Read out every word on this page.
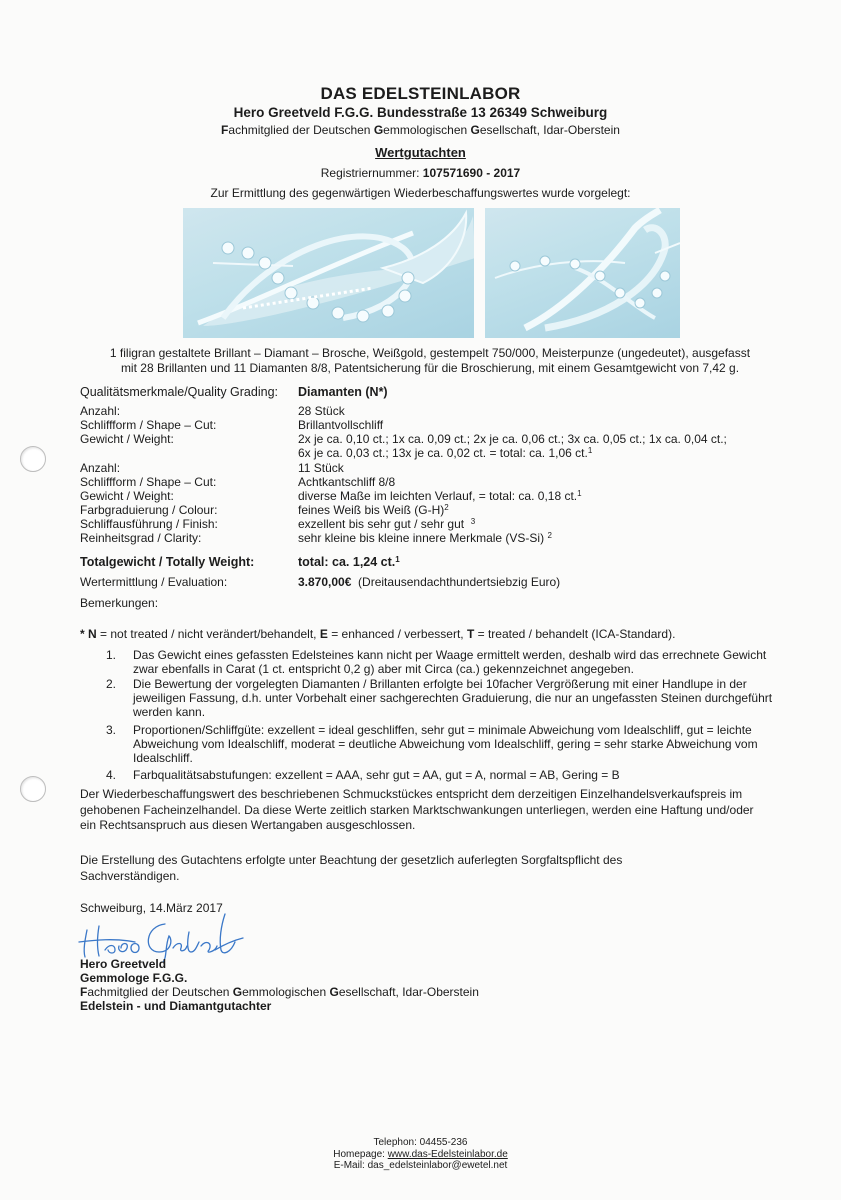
DAS EDELSTEINLABOR
Hero Greetveld F.G.G. Bundesstraße 13 26349 Schweiburg
Fachmitglied der Deutschen Gemmologischen Gesellschaft, Idar-Oberstein
Wertgutachten
Registriernummer: 107571690 - 2017
Zur Ermittlung des gegenwärtigen Wiederbeschaffungswertes wurde vorgelegt:
1 filigran gestaltete Brillant – Diamant – Brosche, Weißgold, gestempelt 750/000, Meisterpunze (ungedeutet), ausgefasst
mit 28 Brillanten und 11 Diamanten 8/8, Patentsicherung für die Broschierung, mit einem Gesamtgewicht von 7,42 g.
Qualitätsmerkmale/Quality Grading: Diamanten (N*)
Anzahl:	28 Stück
Schliffform / Shape – Cut:	Brillantvollschliff
Gewicht / Weight:	2x je ca. 0,10 ct.; 1x ca. 0,09 ct.; 2x je ca. 0,06 ct.; 3x ca. 0,05 ct.; 1x ca. 0,04 ct.;
6x je ca. 0,03 ct.; 13x je ca. 0,02 ct. = total: ca. 1,06 ct.$^1$
Anzahl:	11 Stück
Schliffform / Shape – Cut:	Achtkantschliff 8/8
Gewicht / Weight:	diverse Maße im leichten Verlauf, = total: ca. 0,18 ct.$^1$
Farbgraduierung / Colour:	feines Weiß bis Weiß $(G-H)^2$
Schliffausführung / Finish:	exzellent bis sehr gut / sehr gut  $^3$
Reinheitsgrad / Clarity:	sehr kleine bis kleine innere Merkmale (VS-Si) $^2$
Totalgewicht / Totally Weight:	total: ca. 1,24 ct.$^1$
Wertermittlung / Evaluation:	3.870,00€  (Dreitausendachthundertsiebzig Euro)
Bemerkungen:
* N = not treated / nicht verändert/behandelt, E = enhanced / verbessert, T = treated / behandelt (ICA-Standard).
1. Das Gewicht eines gefassten Edelsteines kann nicht per Waage ermittelt werden, deshalb wird das errechnete Gewicht zwar ebenfalls in Carat (1 ct. entspricht 0,2 g) aber mit Circa (ca.) gekennzeichnet angegeben.
2. Die Bewertung der vorgelegten Diamanten / Brillanten erfolgte bei 10facher Vergrößerung mit einer Handlupe in der jeweiligen Fassung, d.h. unter Vorbehalt einer sachgerechten Graduierung, die nur an ungefassten Steinen durchgeführt werden kann.
3. Proportionen/Schliffgüte: exzellent = ideal geschliffen, sehr gut = minimale Abweichung vom Idealschliff, gut = leichte Abweichung vom Idealschliff, moderat = deutliche Abweichung vom Idealschliff, gering = sehr starke Abweichung vom Idealschliff.
4. Farbqualitätsabstufungen: exzellent = AAA, sehr gut = AA, gut = A, normal = AB, Gering = B
Der Wiederbeschaffungswert des beschriebenen Schmuckstückes entspricht dem derzeitigen Einzelhandelsverkaufspreis im gehobenen Facheinzelhandel. Da diese Werte zeitlich starken Marktschwankungen unterliegen, werden eine Haftung und/oder ein Rechtsanspruch aus diesen Wertangaben ausgeschlossen.
Die Erstellung des Gutachtens erfolgte unter Beachtung der gesetzlich auferlegten Sorgfaltspflicht des Sachverständigen.
Schweiburg, 14.März 2017
Hero Greetveld
Gemmologe F.G.G.
Fachmitglied der Deutschen Gemmologischen Gesellschaft, Idar-Oberstein
Edelstein - und Diamantgutachter
Telephon: 04455-236
Homepage: www.das-Edelsteinlabor.de
E-Mail: das_edelsteinlabor@ewetel.net
